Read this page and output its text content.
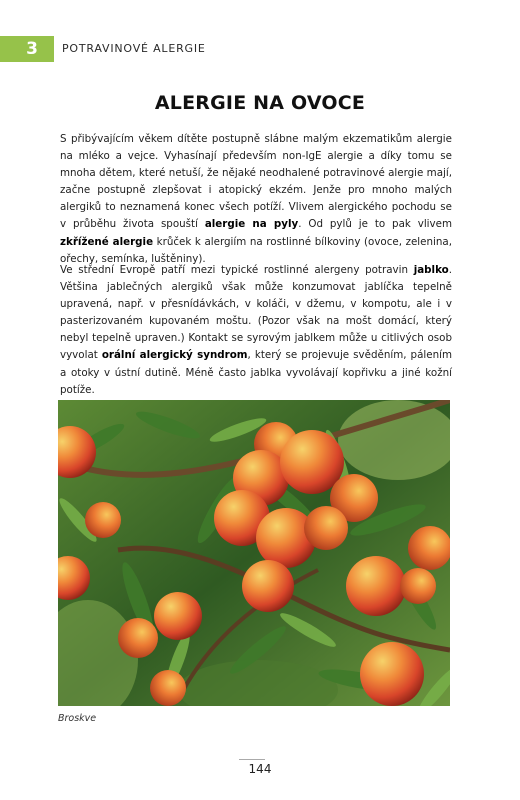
3 POTRAVINOVÉ ALERGIE
ALERGIE NA OVOCE

S přibývajícím věkem dítěte postupně slábne malým ekzematikům alergie na mléko a vejce. Vyhasínají především non-IgE alergie a díky tomu se mnoha dětem, které netuší, že nějaké neodhalené potravinové alergie mají, začne postupně zlepšovat i atopický ekzém. Jenže pro mnoho malých alergiků to neznamená konec všech potíží. Vlivem alergického pochodu se v průběhu života spouští alergie na pyly. Od pylů je to pak vlivem zkřížené alergie krůček k alergiím na rostlinné bílkoviny (ovoce, zelenina, ořechy, semínka, luštěniny).

Ve střední Evropě patří mezi typické rostlinné alergeny potravin jablko. Většina jablečných alergiků však může konzumovat jablíčka tepelně upravená, např. v přesnídávkách, v koláči, v džemu, v kompotu, ale i v pasterizovaném kupovaném moštu. (Pozor však na mošt domácí, který nebyl tepelně upraven.) Kontakt se syrovým jablkem může u citlivých osob vyvolat orální alergický syndrom, který se projevuje svěděním, pálením a otoky v ústní dutině. Méně často jablka vyvolávají kopřivku a jiné kožní potíže.

Broskve
144
